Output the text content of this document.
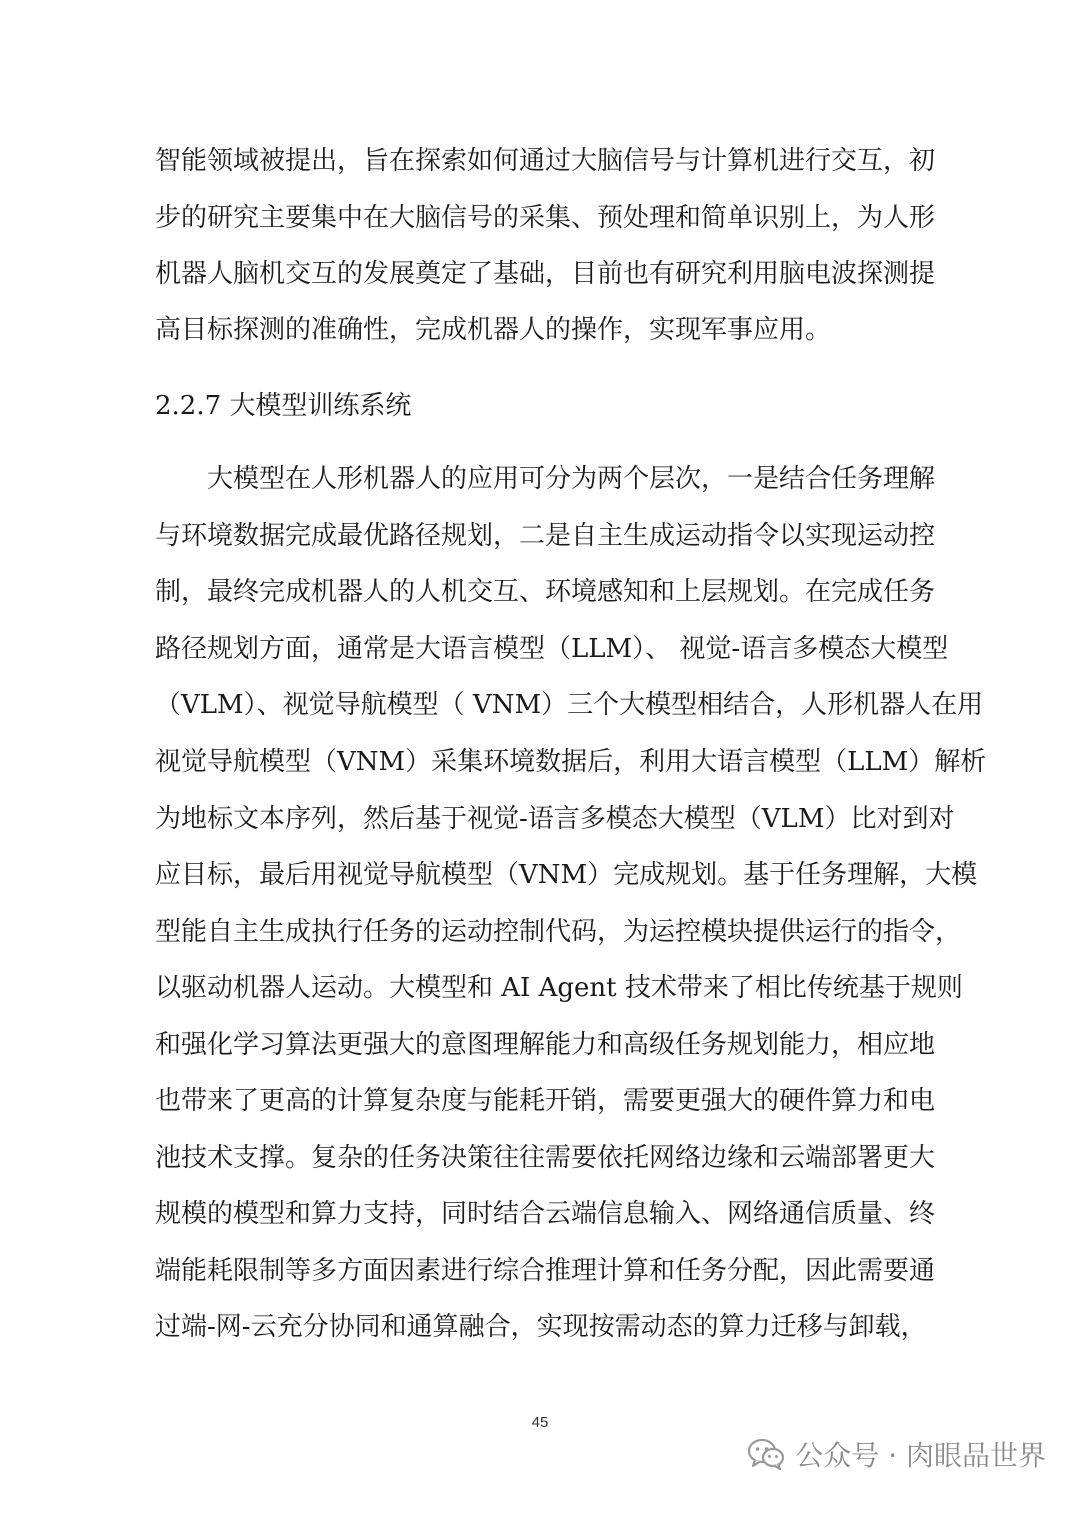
智能领域被提出，旨在探索如何通过大脑信号与计算机进行交互，初
步的研究主要集中在大脑信号的采集、预处理和简单识别上，为人形
机器人脑机交互的发展奠定了基础，目前也有研究利用脑电波探测提
高目标探测的准确性，完成机器人的操作，实现军事应用。
2.2.7 大模型训练系统
　　大模型在人形机器人的应用可分为两个层次，一是结合任务理解
与环境数据完成最优路径规划，二是自主生成运动指令以实现运动控
制，最终完成机器人的人机交互、环境感知和上层规划。在完成任务
路径规划方面，通常是大语言模型（LLM）、 视觉-语言多模态大模型
（VLM）、视觉导航模型（ VNM）三个大模型相结合，人形机器人在用
视觉导航模型（VNM）采集环境数据后，利用大语言模型（LLM）解析
为地标文本序列，然后基于视觉-语言多模态大模型（VLM）比对到对
应目标，最后用视觉导航模型（VNM）完成规划。基于任务理解，大模
型能自主生成执行任务的运动控制代码，为运控模块提供运行的指令，
以驱动机器人运动。大模型和 AI Agent 技术带来了相比传统基于规则
和强化学习算法更强大的意图理解能力和高级任务规划能力，相应地
也带来了更高的计算复杂度与能耗开销，需要更强大的硬件算力和电
池技术支撑。复杂的任务决策往往需要依托网络边缘和云端部署更大
规模的模型和算力支持，同时结合云端信息输入、网络通信质量、终
端能耗限制等多方面因素进行综合推理计算和任务分配，因此需要通
过端-网-云充分协同和通算融合，实现按需动态的算力迁移与卸载，
45
公众号 · 肉眼品世界
